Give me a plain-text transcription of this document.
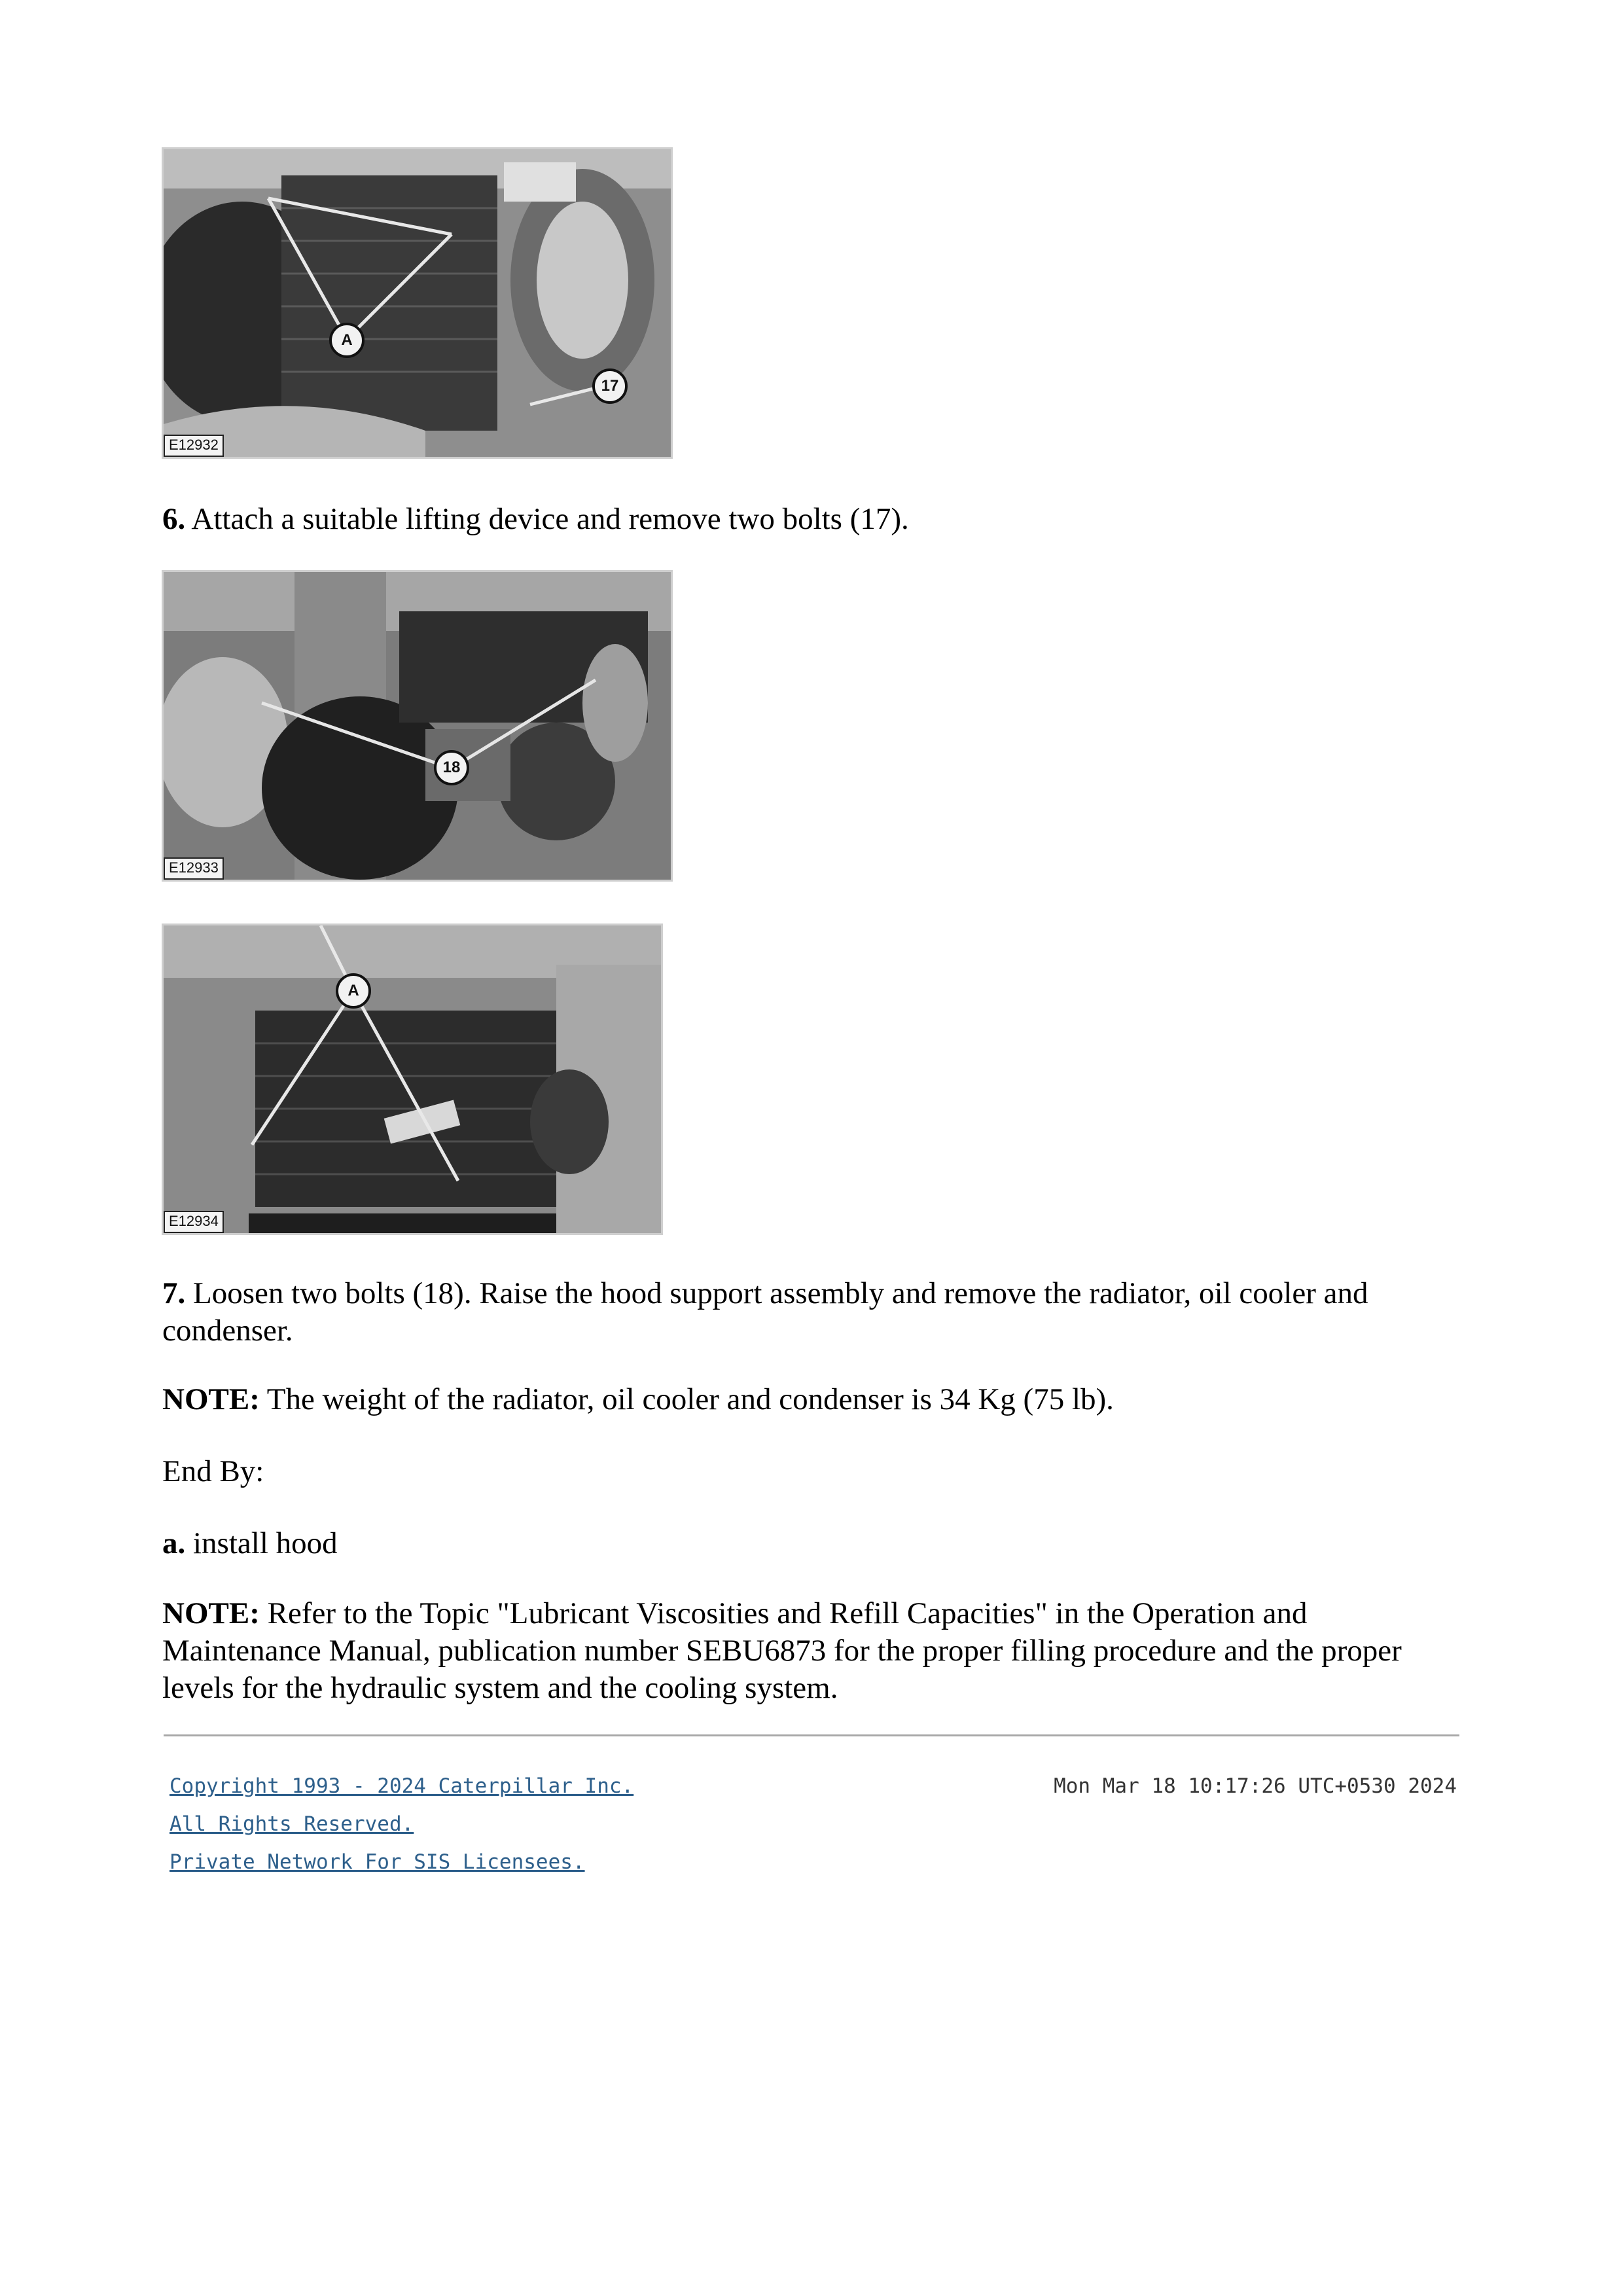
A
17
E12932

6. Attach a suitable lifting device and remove two bolts (17).

18
E12933
A
E12934

7. Loosen two bolts (18). Raise the hood support assembly and remove the radiator, oil cooler and condenser.

NOTE: The weight of the radiator, oil cooler and condenser is 34 Kg (75 lb).

End By:

a. install hood

NOTE: Refer to the Topic "Lubricant Viscosities and Refill Capacities" in the Operation and Maintenance Manual, publication number SEBU6873 for the proper filling procedure and the proper levels for the hydraulic system and the cooling system.

Copyright 1993 - 2024 Caterpillar Inc.
All Rights Reserved.
Private Network For SIS Licensees.
Mon Mar 18 10:17:26 UTC+0530 2024
